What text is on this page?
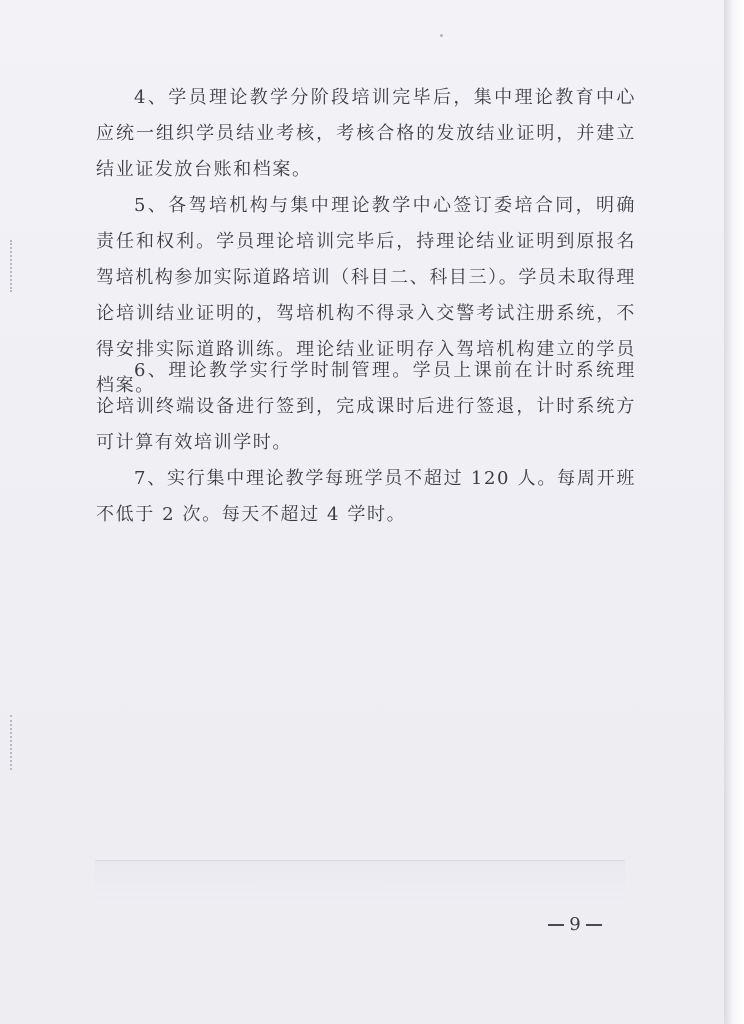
4、学员理论教学分阶段培训完毕后，集中理论教育中心应统一组织学员结业考核，考核合格的发放结业证明，并建立结业证发放台账和档案。

5、各驾培机构与集中理论教学中心签订委培合同，明确责任和权利。学员理论培训完毕后，持理论结业证明到原报名驾培机构参加实际道路培训（科目二、科目三）。学员未取得理论培训结业证明的，驾培机构不得录入交警考试注册系统，不得安排实际道路训练。理论结业证明存入驾培机构建立的学员档案。

6、理论教学实行学时制管理。学员上课前在计时系统理论培训终端设备进行签到，完成课时后进行签退，计时系统方可计算有效培训学时。

7、实行集中理论教学每班学员不超过 120 人。每周开班不低于 2 次。每天不超过 4 学时。

9
